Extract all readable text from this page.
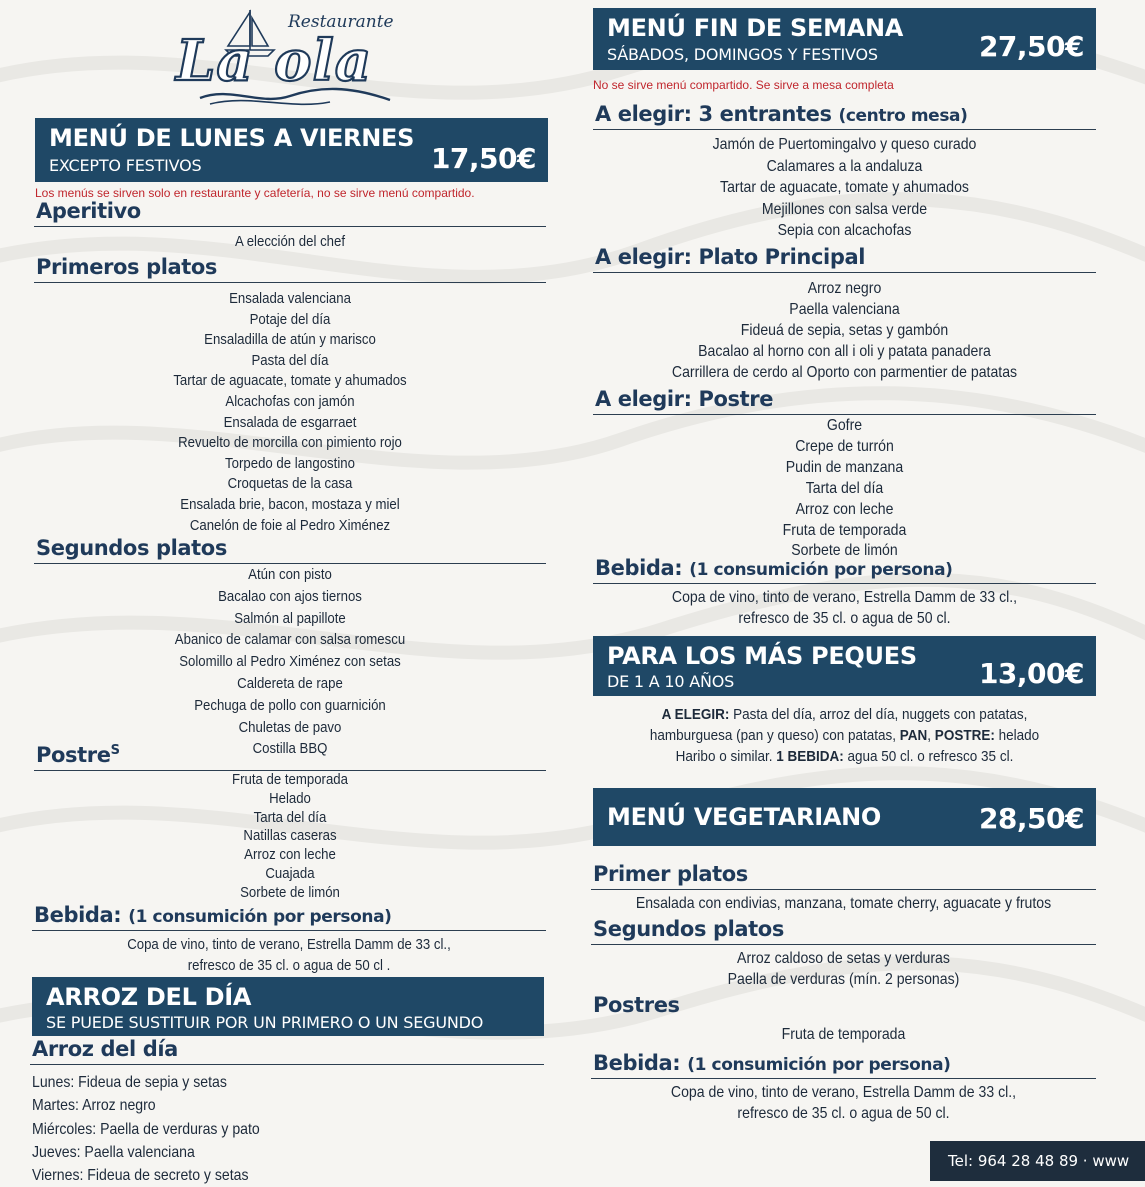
Restaurante
La ola
MENÚ DE LUNES A VIERNES
EXCEPTO FESTIVOS	17,50€
Los menús se sirven solo en restaurante y cafetería, no se sirve menú compartido.
Aperitivo
A elección del chef
Primeros platos
Ensalada valenciana
Potaje del día
Ensaladilla de atún y marisco
Pasta del día
Tartar de aguacate, tomate y ahumados
Alcachofas con jamón
Ensalada de esgarraet
Revuelto de morcilla con pimiento rojo
Torpedo de langostino
Croquetas de la casa
Ensalada brie, bacon, mostaza y miel
Canelón de foie al Pedro Ximénez
Segundos platos
Atún con pisto
Bacalao con ajos tiernos
Salmón al papillote
Abanico de calamar con salsa romescu
Solomillo al Pedro Ximénez con setas
Caldereta de rape
Pechuga de pollo con guarnición
Chuletas de pavo
Costilla BBQ
Postre$^S$
Fruta de temporada
Helado
Tarta del día
Natillas caseras
Arroz con leche
Cuajada
Sorbete de limón
Bebida: (1 consumición por persona)
Copa de vino, tinto de verano, Estrella Damm de 33 cl.,
refresco de 35 cl. o agua de 50 cl .
ARROZ DEL DÍA
SE PUEDE SUSTITUIR POR UN PRIMERO O UN SEGUNDO
Arroz del día
Lunes: Fideua de sepia y setas
Martes: Arroz negro
Miércoles: Paella de verduras y pato
Jueves: Paella valenciana
Viernes: Fideua de secreto y setas
MENÚ FIN DE SEMANA
SÁBADOS, DOMINGOS Y FESTIVOS	27,50€
No se sirve menú compartido. Se sirve a mesa completa
A elegir: 3 entrantes (centro mesa)
Jamón de Puertomingalvo y queso curado
Calamares a la andaluza
Tartar de aguacate, tomate y ahumados
Mejillones con salsa verde
Sepia con alcachofas
A elegir: Plato Principal
Arroz negro
Paella valenciana
Fideuá de sepia, setas y gambón
Bacalao al horno con all i oli y patata panadera
Carrillera de cerdo al Oporto con parmentier de patatas
A elegir: Postre
Gofre
Crepe de turrón
Pudin de manzana
Tarta del día
Arroz con leche
Fruta de temporada
Sorbete de limón
Bebida: (1 consumición por persona)
Copa de vino, tinto de verano, Estrella Damm de 33 cl.,
refresco de 35 cl. o agua de 50 cl.
PARA LOS MÁS PEQUES
DE 1 A 10 AÑOS	13,00€
A ELEGIR: Pasta del día, arroz del día, nuggets con patatas,
hamburguesa (pan y queso) con patatas, PAN, POSTRE: helado
Haribo o similar. 1 BEBIDA: agua 50 cl. o refresco 35 cl.
MENÚ VEGETARIANO	28,50€
Primer platos
Ensalada con endivias, manzana, tomate cherry, aguacate y frutos
Segundos platos
Arroz caldoso de setas y verduras
Paella de verduras (mín. 2 personas)
Postres
Fruta de temporada
Bebida: (1 consumición por persona)
Copa de vino, tinto de verano, Estrella Damm de 33 cl.,
refresco de 35 cl. o agua de 50 cl.
Tel: 964 28 48 89 · www
